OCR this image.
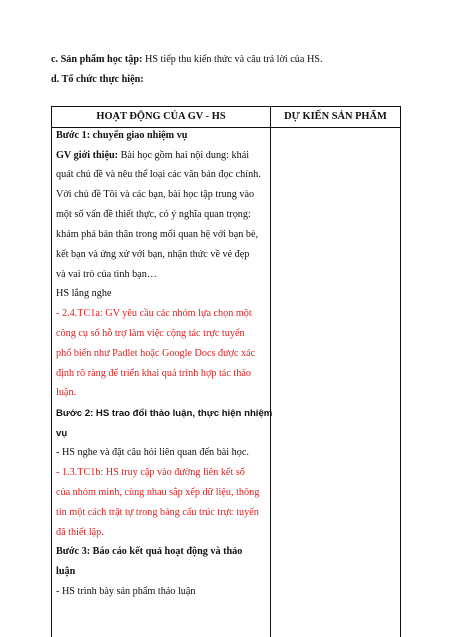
c. Sản phẩm học tập: HS tiếp thu kiến thức và câu trả lời của HS.
d. Tổ chức thực hiện:
HOẠT ĐỘNG CỦA GV - HS	DỰ KIẾN SẢN PHẨM
Bước 1: chuyển giao nhiệm vụ
GV giới thiệu: Bài học gồm hai nội dung: khái
quát chủ đề và nêu thể loại các văn bản đọc chính.
Với chủ đề Tôi và các bạn, bài học tập trung vào
một số vấn đề thiết thực, có ý nghĩa quan trọng:
khám phá bản thân trong mối quan hệ với bạn bè,
kết bạn và ứng xử với bạn, nhận thức về vẻ đẹp
và vai trò của tình bạn…
HS lắng nghe
- 2.4.TC1a: GV yêu cầu các nhóm lựa chọn một
công cụ số hỗ trợ làm việc cộng tác trực tuyến
phổ biến như Padlet hoặc Google Docs được xác
định rõ ràng để triển khai quá trình hợp tác thảo
luận.
Bước 2: HS trao đổi thảo luận, thực hiện nhiệm
vụ
- HS nghe và đặt câu hỏi liên quan đến bài học.
- 1.3.TC1b: HS truy cập vào đường liên kết số
của nhóm mình, cùng nhau sắp xếp dữ liệu, thông
tin một cách trật tự trong bảng cấu trúc trực tuyến
đã thiết lập.
Bước 3: Báo cáo kết quả hoạt động và thảo
luận
- HS trình bày sản phẩm thảo luận
